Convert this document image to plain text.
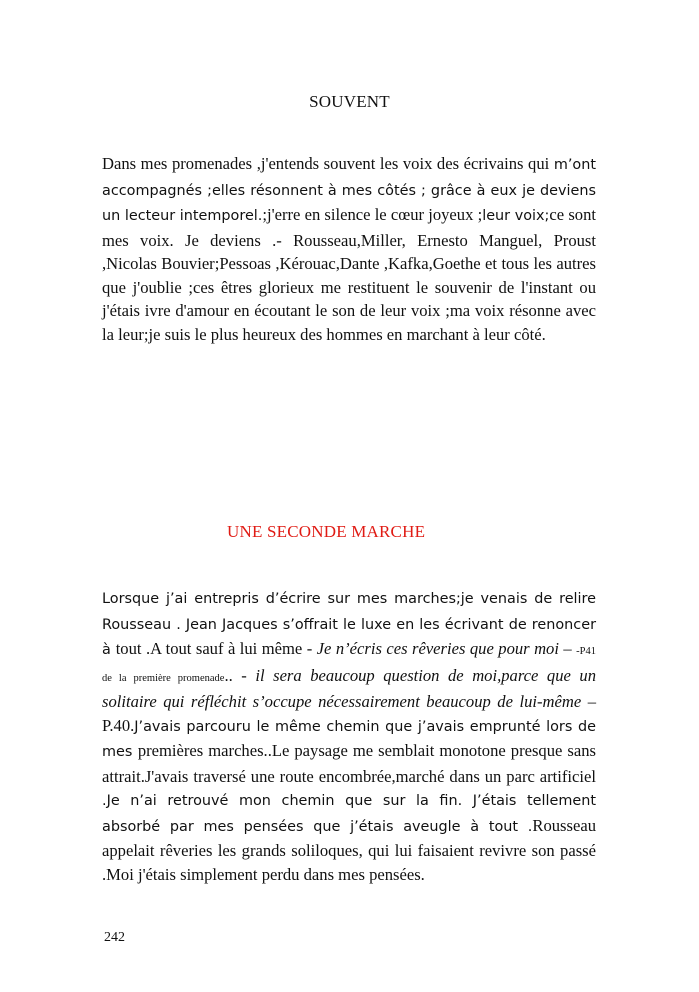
SOUVENT
Dans mes promenades ,j'entends souvent les voix des écrivains qui m’ont accompagnés ;elles résonnent à mes côtés ; grâce à eux je deviens un lecteur intemporel.;j'erre en silence le cœur joyeux ;leur voix;ce sont mes voix. Je deviens .- Rousseau,Miller, Ernesto Manguel, Proust ,Nicolas Bouvier;Pessoas ,Kérouac,Dante ,Kafka,Goethe et tous les autres que j'oublie ;ces êtres glorieux me restituent le souvenir de l'instant ou j'étais ivre d'amour en écoutant le son de leur voix ;ma voix résonne avec la leur;je suis le plus heureux des hommes en marchant à leur côté.
UNE SECONDE MARCHE
Lorsque j’ai entrepris d’écrire sur mes marches;je venais de relire Rousseau . Jean Jacques s’offrait le luxe en les écrivant de renoncer à tout .A tout sauf à lui même - Je n’écris ces rêveries que pour moi – -P41 de la première promenade.. - il sera beaucoup question de moi,parce que un solitaire qui réfléchit s’occupe nécessairement beaucoup de lui-même – P.40.J’avais parcouru le même chemin que j’avais emprunté lors de mes premières marches..Le paysage me semblait monotone presque sans attrait.J'avais traversé une route encombrée,marché dans un parc artificiel .Je n’ai retrouvé mon chemin que sur la fin. J’étais tellement absorbé par mes pensées que j’étais aveugle à tout .Rousseau appelait rêveries les grands soliloques, qui lui faisaient revivre son passé .Moi j'étais simplement perdu dans mes pensées.
242
